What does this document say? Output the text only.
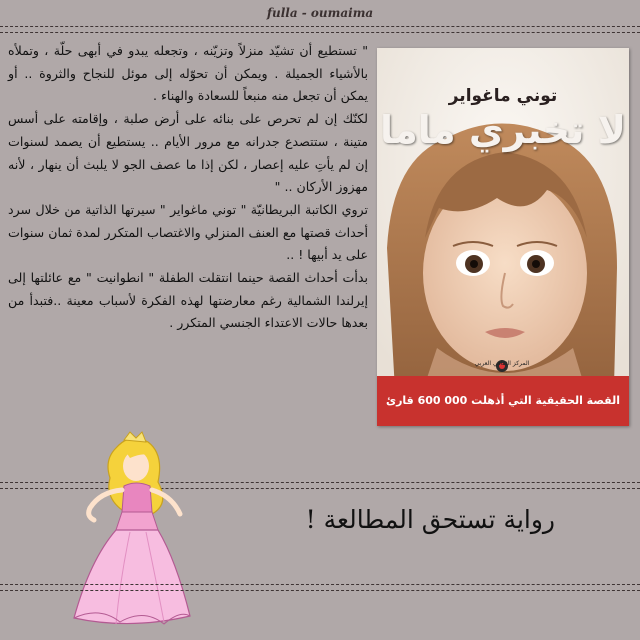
fulla - oumaima

" تستطيع أن تشيّد منزلاً وتزيّنه ، وتجعله يبدو في أبهى حلّة ، وتملأه بالأشياء الجميلة . ويمكن أن تحوّله إلى موئل للنجاح والثروة .. أو يمكن أن تجعل منه منبعاً للسعادة والهناء .

لكنّك إن لم تحرص على بنائه على أرض صلبة ، وإقامته على أسس متينة ، ستتصدع جدرانه مع مرور الأيام .. يستطيع أن يصمد لسنوات إن لم يأتِ عليه إعصار ، لكن إذا ما عصف الجو لا يلبث أن ينهار ، لأنه مهزوز الأركان .. "

تروي الكاتبة البريطانيّة " توني ماغواير " سيرتها الذاتية من خلال سرد أحداث قصتها مع العنف المنزلي والاغتصاب المتكرر لمدة ثمان سنوات على يد أبيها ! ..

بدأت أحداث القصة حينما انتقلت الطفلة " انطوانيت " مع عائلتها إلى إيرلندا الشمالية رغم معارضتها لهذه الفكرة لأسباب معينة ..فتبدأ من بعدها حالات الاعتداء الجنسي المتكرر .

توني ماغواير
لا تخبري ماما
المركز الثقافي العربي
القصة الحقيقية التي أذهلت 000 600 قارئ
رواية تستحق المطالعة !
